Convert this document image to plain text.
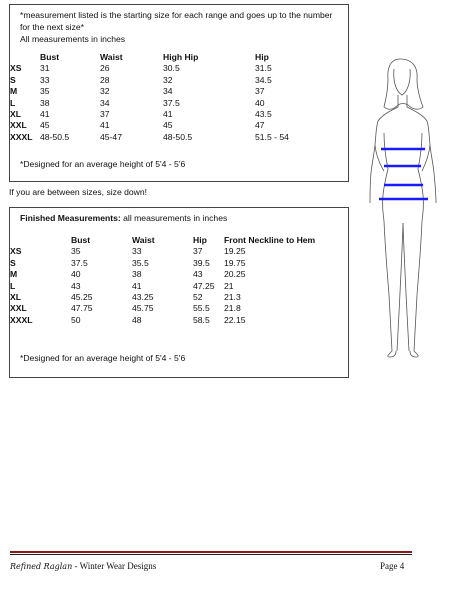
*measurement listed is the starting size for each range and goes up to the number
for the next size*
All measurements in inches
*Designed for an average height of 5'4 - 5'6
	Bust	Waist	High Hip	Hip
XS	31	26	30.5	31.5
S	33	28	32	34.5
M	35	32	34	37
L	38	34	37.5	40
XL	41	37	41	43.5
XXL	45	41	45	47
XXXL	48-50.5	45-47	48-50.5	51.5 - 54
If you are between sizes, size down!
Finished Measurements: all measurements in inches
*Designed for an average height of 5'4 - 5'6
	Bust	Waist	Hip	Front Neckline to Hem
XS	35	33	37	19.25
S	37.5	35.5	39.5	19.75
M	40	38	43	20.25
L	43	41	47.25	21
XL	45.25	43.25	52	21.3
XXL	47.75	45.75	55.5	21.8
XXXL	50	48	58.5	22.15
Refined Raglan - Winter Wear Designs	Page 4
